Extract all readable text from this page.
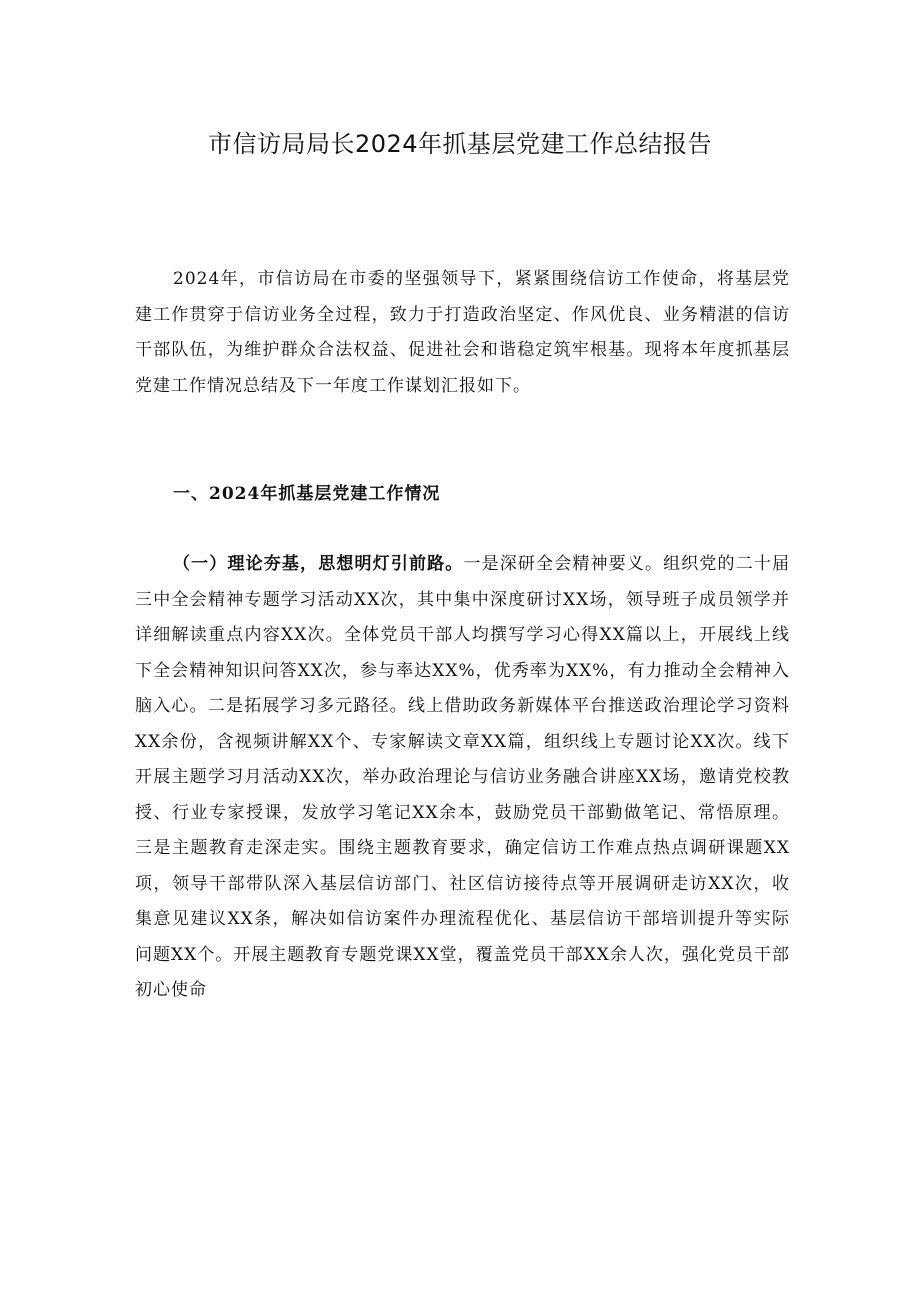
市信访局局长2024年抓基层党建工作总结报告

2024年，市信访局在市委的坚强领导下，紧紧围绕信访工作使命，将基层党建工作贯穿于信访业务全过程，致力于打造政治坚定、作风优良、业务精湛的信访干部队伍，为维护群众合法权益、促进社会和谐稳定筑牢根基。现将本年度抓基层党建工作情况总结及下一年度工作谋划汇报如下。

一、2024年抓基层党建工作情况

（一）理论夯基，思想明灯引前路。一是深研全会精神要义。组织党的二十届三中全会精神专题学习活动XX次，其中集中深度研讨XX场，领导班子成员领学并详细解读重点内容XX次。全体党员干部人均撰写学习心得XX篇以上，开展线上线下全会精神知识问答XX次，参与率达XX%，优秀率为XX%，有力推动全会精神入脑入心。二是拓展学习多元路径。线上借助政务新媒体平台推送政治理论学习资料XX余份，含视频讲解XX个、专家解读文章XX篇，组织线上专题讨论XX次。线下开展主题学习月活动XX次，举办政治理论与信访业务融合讲座XX场，邀请党校教授、行业专家授课，发放学习笔记XX余本，鼓励党员干部勤做笔记、常悟原理。三是主题教育走深走实。围绕主题教育要求，确定信访工作难点热点调研课题XX项，领导干部带队深入基层信访部门、社区信访接待点等开展调研走访XX次，收集意见建议XX条，解决如信访案件办理流程优化、基层信访干部培训提升等实际问题XX个。开展主题教育专题党课XX堂，覆盖党员干部XX余人次，强化党员干部初心使命
